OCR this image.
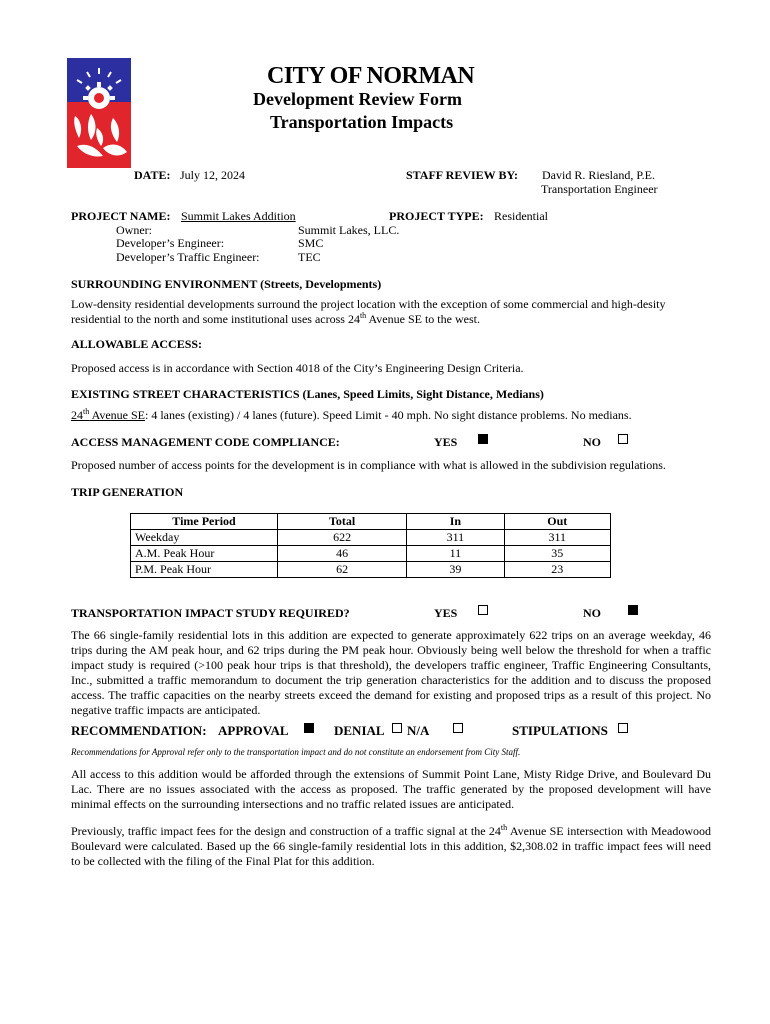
CITY OF NORMAN
Development Review Form
Transportation Impacts
DATE: July 12, 2024	STAFF REVIEW BY: David R. Riesland, P.E.
Transportation Engineer
PROJECT NAME: Summit Lakes Addition	PROJECT TYPE: Residential
Owner:	Summit Lakes, LLC.
Developer’s Engineer:	SMC
Developer’s Traffic Engineer:	TEC
SURROUNDING ENVIRONMENT (Streets, Developments)
Low-density residential developments surround the project location with the exception of some commercial and high-desity residential to the north and some institutional uses across 24th Avenue SE to the west.
ALLOWABLE ACCESS:
Proposed access is in accordance with Section 4018 of the City’s Engineering Design Criteria.
EXISTING STREET CHARACTERISTICS (Lanes, Speed Limits, Sight Distance, Medians)
24th Avenue SE: 4 lanes (existing) / 4 lanes (future). Speed Limit - 40 mph. No sight distance problems. No medians.
ACCESS MANAGEMENT CODE COMPLIANCE:	YES	NO
Proposed number of access points for the development is in compliance with what is allowed in the subdivision regulations.
TRIP GENERATION
Time Period	Total	In	Out
Weekday	622	311	311
A.M. Peak Hour	46	11	35
P.M. Peak Hour	62	39	23
TRANSPORTATION IMPACT STUDY REQUIRED?	YES	NO
The 66 single-family residential lots in this addition are expected to generate approximately 622 trips on an average weekday, 46 trips during the AM peak hour, and 62 trips during the PM peak hour. Obviously being well below the threshold for when a traffic impact study is required (>100 peak hour trips is that threshold), the developers traffic engineer, Traffic Engineering Consultants, Inc., submitted a traffic memorandum to document the trip generation characteristics for the addition and to discuss the proposed access. The traffic capacities on the nearby streets exceed the demand for existing and proposed trips as a result of this project. No negative traffic impacts are anticipated.
RECOMMENDATION: APPROVAL	DENIAL N/A	STIPULATIONS
Recommendations for Approval refer only to the transportation impact and do not constitute an endorsement from City Staff.
All access to this addition would be afforded through the extensions of Summit Point Lane, Misty Ridge Drive, and Boulevard Du Lac. There are no issues associated with the access as proposed. The traffic generated by the proposed development will have minimal effects on the surrounding intersections and no traffic related issues are anticipated.
Previously, traffic impact fees for the design and construction of a traffic signal at the 24th Avenue SE intersection with Meadowood Boulevard were calculated. Based up the 66 single-family residential lots in this addition, $2,308.02 in traffic impact fees will need to be collected with the filing of the Final Plat for this addition.
